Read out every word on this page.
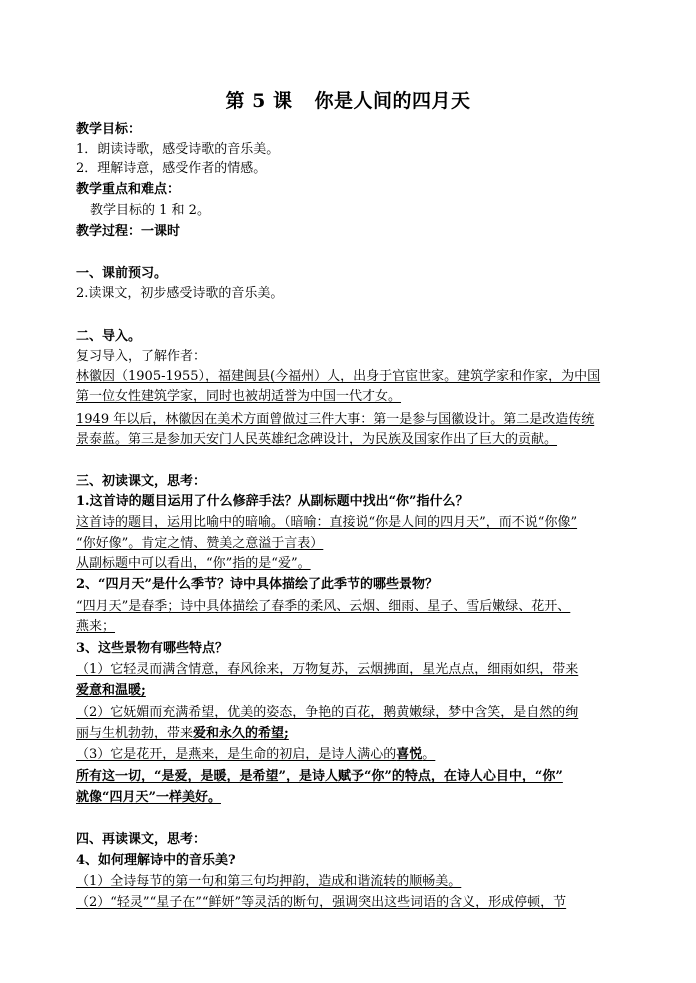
第 5 课 你是人间的四月天
教学目标：
1．朗读诗歌，感受诗歌的音乐美。
2．理解诗意，感受作者的情感。
教学重点和难点：
教学目标的 1 和 2。
教学过程：一课时
一、课前预习。
2.读课文，初步感受诗歌的音乐美。
二、导入。
复习导入，了解作者：
林徽因（1905-1955），福建闽县(今福州）人，出身于官宦世家。建筑学家和作家，为中国
第一位女性建筑学家，同时也被胡适誉为中国一代才女。
1949 年以后，林徽因在美术方面曾做过三件大事：第一是参与国徽设计。第二是改造传统
景泰蓝。第三是参加天安门人民英雄纪念碑设计，为民族及国家作出了巨大的贡献。
三、初读课文，思考：
1.这首诗的题目运用了什么修辞手法？从副标题中找出“你”指什么？
这首诗的题目，运用比喻中的暗喻。（暗喻：直接说“你是人间的四月天”，而不说“你像”
“你好像”。肯定之情、赞美之意溢于言表）
从副标题中可以看出，“你”指的是“爱”。
2、“四月天”是什么季节？诗中具体描绘了此季节的哪些景物？
“四月天”是春季；诗中具体描绘了春季的柔风、云烟、细雨、星子、雪后嫩绿、花开、
燕来；
3、这些景物有哪些特点？
（1）它轻灵而满含情意，春风徐来，万物复苏，云烟拂面，星光点点，细雨如织，带来
爱意和温暖;
（2）它妩媚而充满希望，优美的姿态，争艳的百花，鹅黄嫩绿，梦中含笑，是自然的绚
丽与生机勃勃，带来爱和永久的希望;
（3）它是花开，是燕来，是生命的初启，是诗人满心的喜悦。
所有这一切，“是爱，是暖，是希望”，是诗人赋予“你”的特点，在诗人心目中，“你”
就像“四月天”一样美好。
四、再读课文，思考：
4、如何理解诗中的音乐美?
（1）全诗每节的第一句和第三句均押韵，造成和谐流转的顺畅美。
（2）“轻灵”“星子在”“鲜妍”等灵活的断句，强调突出这些词语的含义，形成停顿，节
